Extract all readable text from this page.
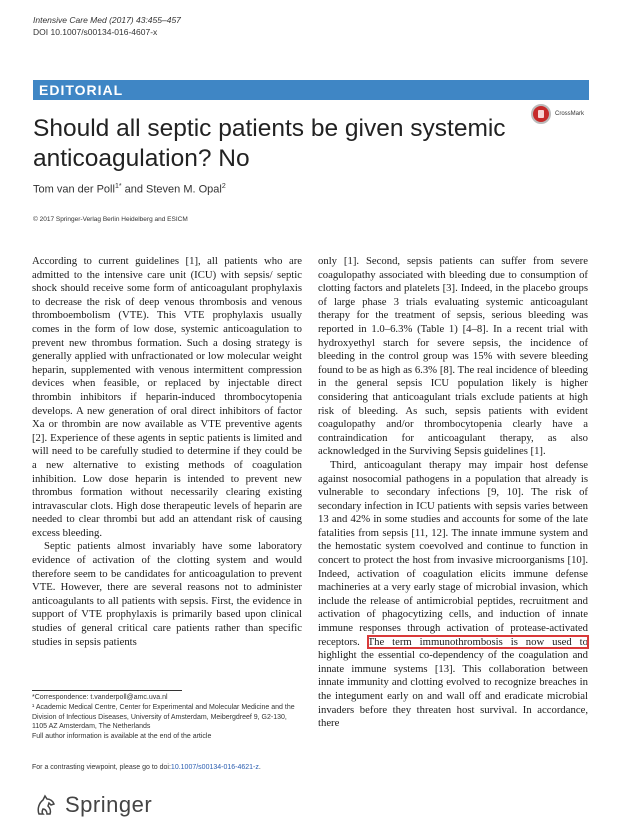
Intensive Care Med (2017) 43:455–457
DOI 10.1007/s00134-016-4607-x
EDITORIAL
CrossMark
Should all septic patients be given systemic anticoagulation? No
Tom van der Poll$^{1*}$ and Steven M. Opal$^2$
© 2017 Springer-Verlag Berlin Heidelberg and ESICM

According to current guidelines [1], all patients who are admitted to the intensive care unit (ICU) with sepsis/ septic shock should receive some form of anticoagulant prophylaxis to decrease the risk of deep venous thrombosis and venous thromboembolism (VTE). This VTE prophylaxis usually comes in the form of low dose, systemic anticoagulation to prevent new thrombus formation. Such a dosing strategy is generally applied with unfractionated or low molecular weight heparin, supplemented with venous intermittent compression devices when feasible, or replaced by injectable direct thrombin inhibitors if heparin-induced thrombocytopenia develops. A new generation of oral direct inhibitors of factor Xa or thrombin are now available as VTE preventive agents [2]. Experience of these agents in septic patients is limited and will need to be carefully studied to determine if they could be a new alternative to existing methods of coagulation inhibition. Low dose heparin is intended to prevent new thrombus formation without necessarily clearing existing intravascular clots. High dose therapeutic levels of heparin are needed to clear thrombi but add an attendant risk of causing excess bleeding.

Septic patients almost invariably have some laboratory evidence of activation of the clotting system and would therefore seem to be candidates for anticoagulation to prevent VTE. However, there are several reasons not to administer anticoagulants to all patients with sepsis. First, the evidence in support of VTE prophylaxis is primarily based upon clinical studies of general critical care patients rather than specific studies in sepsis patients

only [1]. Second, sepsis patients can suffer from severe coagulopathy associated with bleeding due to consumption of clotting factors and platelets [3]. Indeed, in the placebo groups of large phase 3 trials evaluating systemic anticoagulant therapy for the treatment of sepsis, serious bleeding was reported in 1.0–6.3% (Table 1) [4–8]. In a recent trial with hydroxyethyl starch for severe sepsis, the incidence of bleeding in the control group was 15% with severe bleeding found to be as high as 6.3% [8]. The real incidence of bleeding in the general sepsis ICU population likely is higher considering that anticoagulant trials exclude patients at high risk of bleeding. As such, sepsis patients with evident coagulopathy and/or thrombocytopenia clearly have a contraindication for anticoagulant therapy, as also acknowledged in the Surviving Sepsis guidelines [1].

Third, anticoagulant therapy may impair host defense against nosocomial pathogens in a population that already is vulnerable to secondary infections [9, 10]. The risk of secondary infection in ICU patients with sepsis varies between 13 and 42% in some studies and accounts for some of the late fatalities from sepsis [11, 12]. The innate immune system and the hemostatic system coevolved and continue to function in concert to protect the host from invasive microorganisms [10]. Indeed, activation of coagulation elicits immune defense machineries at a very early stage of microbial invasion, which include the release of antimicrobial peptides, recruitment and activation of phagocytizing cells, and induction of innate immune responses through activation of protease-activated receptors. The term immunothrombosis is now used to highlight the essential co-dependency of the coagulation and innate immune systems [13]. This collaboration between innate immunity and clotting evolved to recognize breaches in the integument early on and wall off and eradicate microbial invaders before they threaten host survival. In accordance, there

*Correspondence: t.vanderpoll@amc.uva.nl

¹ Academic Medical Centre, Center for Experimental and Molecular Medicine and the Division of Infectious Diseases, University of Amsterdam, Meibergdreef 9, G2-130, 1105 AZ Amsterdam, The Netherlands

Full author information is available at the end of the article

For a contrasting viewpoint, please go to doi:10.1007/s00134-016-4621-z.
Springer
